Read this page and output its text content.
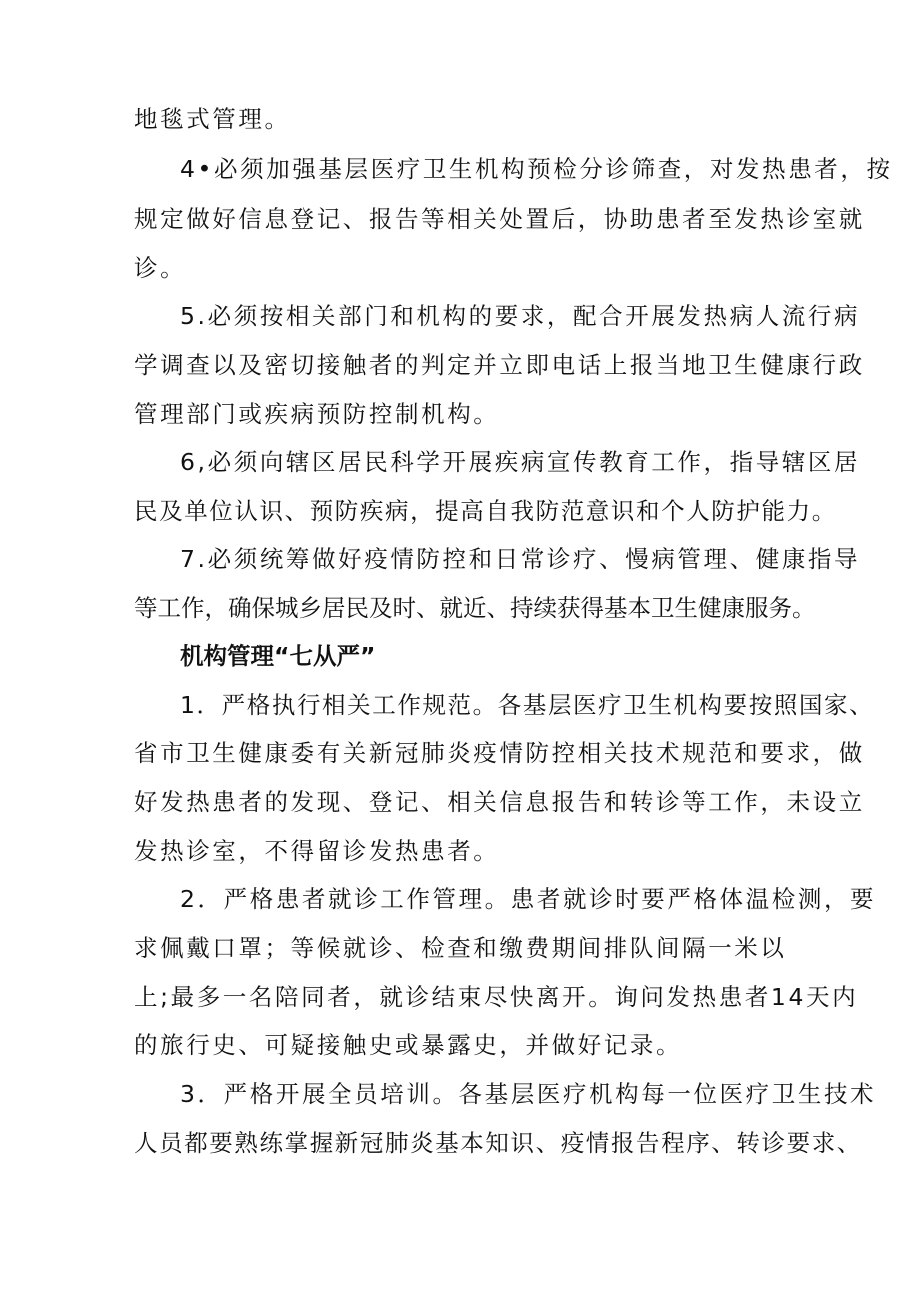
地毯式管理。
4•必须加强基层医疗卫生机构预检分诊筛查，对发热患者，按
规定做好信息登记、报告等相关处置后，协助患者至发热诊室就
诊。
5.必须按相关部门和机构的要求，配合开展发热病人流行病
学调查以及密切接触者的判定并立即电话上报当地卫生健康行政
管理部门或疾病预防控制机构。
6,必须向辖区居民科学开展疾病宣传教育工作，指导辖区居
民及单位认识、预防疾病，提高自我防范意识和个人防护能力。
7.必须统筹做好疫情防控和日常诊疗、慢病管理、健康指导
等工作，确保城乡居民及时、就近、持续获得基本卫生健康服务。
机构管理“七从严”
1．严格执行相关工作规范。各基层医疗卫生机构要按照国家、
省市卫生健康委有关新冠肺炎疫情防控相关技术规范和要求，做
好发热患者的发现、登记、相关信息报告和转诊等工作，未设立
发热诊室，不得留诊发热患者。
2．严格患者就诊工作管理。患者就诊时要严格体温检测，要
求佩戴口罩；等候就诊、检查和缴费期间排队间隔一米以
上;最多一名陪同者，就诊结束尽快离开。询问发热患者14天内
的旅行史、可疑接触史或暴露史，并做好记录。
3．严格开展全员培训。各基层医疗机构每一位医疗卫生技术
人员都要熟练掌握新冠肺炎基本知识、疫情报告程序、转诊要求、
